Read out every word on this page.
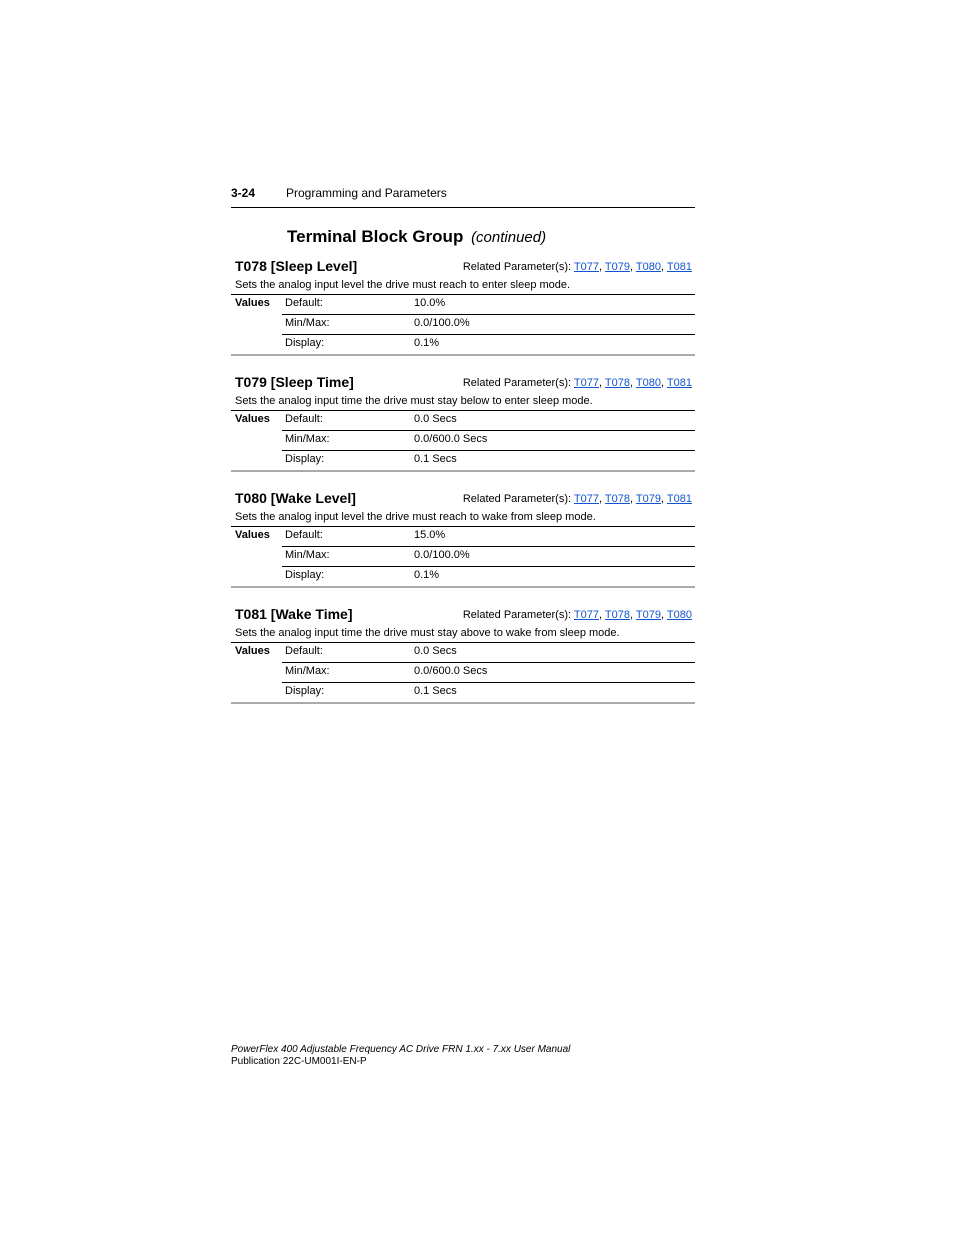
3-24	Programming and Parameters
Terminal Block Group (continued)
T078 [Sleep Level]	Related Parameter(s): T077, T079, T080, T081
Sets the analog input level the drive must reach to enter sleep mode.
Values Default:	10.0%
Min/Max:	0.0/100.0%
Display:	0.1%
T079 [Sleep Time]	Related Parameter(s): T077, T078, T080, T081
Sets the analog input time the drive must stay below to enter sleep mode.
Values Default:	0.0 Secs
Min/Max:	0.0/600.0 Secs
Display:	0.1 Secs
T080 [Wake Level]	Related Parameter(s): T077, T078, T079, T081
Sets the analog input level the drive must reach to wake from sleep mode.
Values Default:	15.0%
Min/Max:	0.0/100.0%
Display:	0.1%
T081 [Wake Time]	Related Parameter(s): T077, T078, T079, T080
Sets the analog input time the drive must stay above to wake from sleep mode.
Values Default:	0.0 Secs
Min/Max:	0.0/600.0 Secs
Display:	0.1 Secs
PowerFlex 400 Adjustable Frequency AC Drive FRN 1.xx - 7.xx User Manual
Publication 22C-UM001I-EN-P
